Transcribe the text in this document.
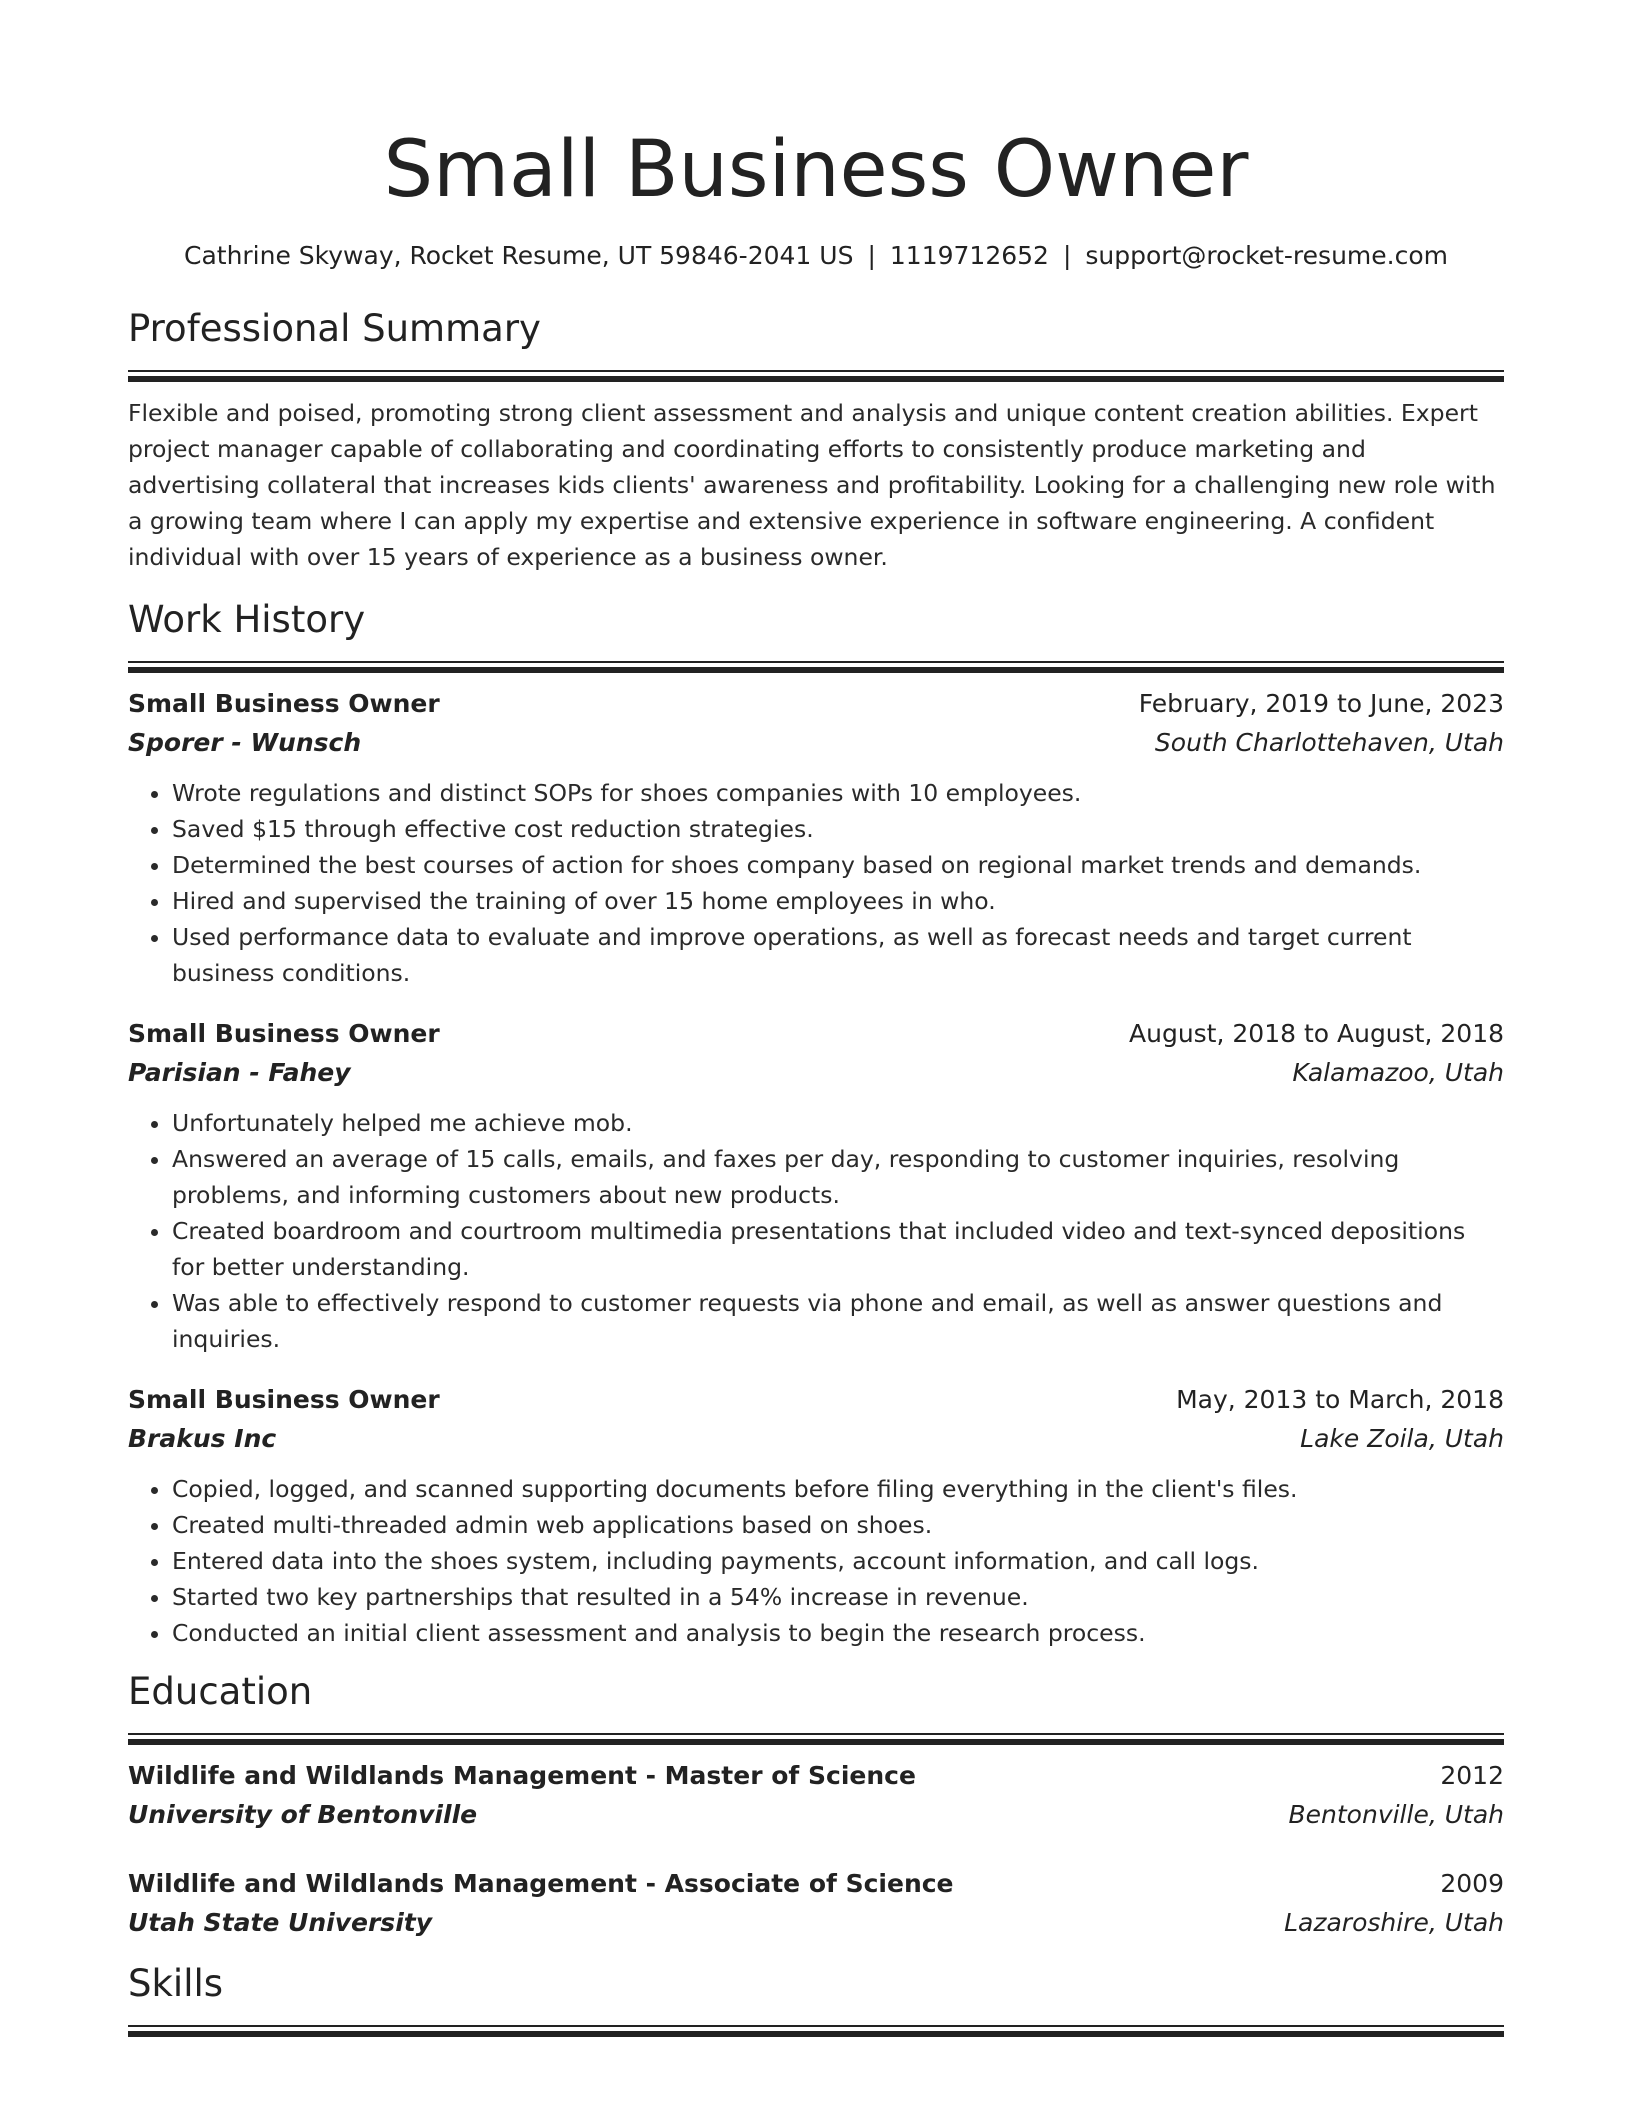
Small Business Owner
Cathrine Skyway, Rocket Resume, UT 59846-2041 US | 1119712652 | support@rocket-resume.com
Professional Summary
Flexible and poised, promoting strong client assessment and analysis and unique content creation abilities. Expert project manager capable of collaborating and coordinating efforts to consistently produce marketing and advertising collateral that increases kids clients' awareness and profitability. Looking for a challenging new role with a growing team where I can apply my expertise and extensive experience in software engineering. A confident individual with over 15 years of experience as a business owner.
Work History
Small Business Owner	February, 2019 to June, 2023
Sporer - Wunsch	South Charlottehaven, Utah
• Wrote regulations and distinct SOPs for shoes companies with 10 employees.
• Saved $15 through effective cost reduction strategies.
• Determined the best courses of action for shoes company based on regional market trends and demands.
• Hired and supervised the training of over 15 home employees in who.
• Used performance data to evaluate and improve operations, as well as forecast needs and target current business conditions.
Small Business Owner	August, 2018 to August, 2018
Parisian - Fahey	Kalamazoo, Utah
• Unfortunately helped me achieve mob.
• Answered an average of 15 calls, emails, and faxes per day, responding to customer inquiries, resolving problems, and informing customers about new products.
• Created boardroom and courtroom multimedia presentations that included video and text-synced depositions for better understanding.
• Was able to effectively respond to customer requests via phone and email, as well as answer questions and inquiries.
Small Business Owner	May, 2013 to March, 2018
Brakus Inc	Lake Zoila, Utah
• Copied, logged, and scanned supporting documents before filing everything in the client's files.
• Created multi-threaded admin web applications based on shoes.
• Entered data into the shoes system, including payments, account information, and call logs.
• Started two key partnerships that resulted in a 54% increase in revenue.
• Conducted an initial client assessment and analysis to begin the research process.
Education
Wildlife and Wildlands Management - Master of Science	2012
University of Bentonville	Bentonville, Utah
Wildlife and Wildlands Management - Associate of Science	2009
Utah State University	Lazaroshire, Utah
Skills
